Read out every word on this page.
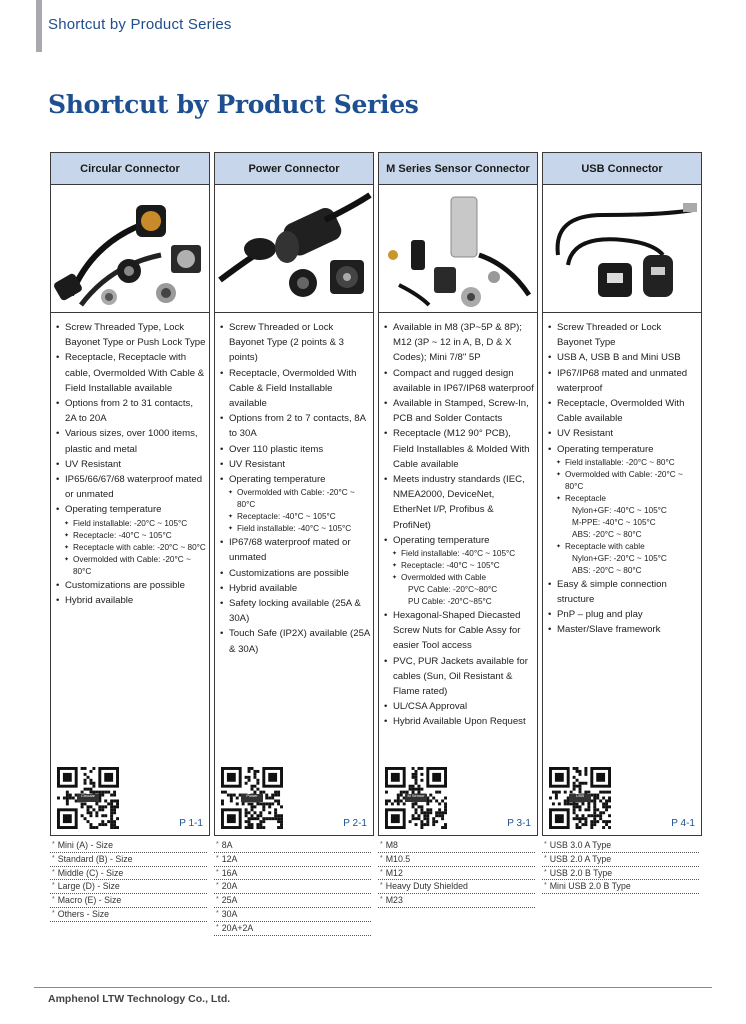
Shortcut by Product Series
Shortcut by Product Series
Circular Connector
• Screw Threaded Type, Lock Bayonet Type or Push Lock Type
• Receptacle, Receptacle with cable, Overmolded With Cable & Field Installable available
• Options from 2 to 31 contacts, 2A to 20A
• Various sizes, over 1000 items, plastic and metal
• UV Resistant
• IP65/66/67/68 waterproof mated or unmated
• Operating temperature
✦ Field installable: -20°C ~ 105°C
✦ Receptacle: -40°C ~ 105°C
✦ Receptacle with cable: -20°C ~ 80°C
✦ Overmolded with Cable: -20°C ~ 80°C
• Customizations are possible
• Hybrid available
Circular
P 1-1
* Mini (A) - Size
* Standard (B) - Size
* Middle (C) - Size
* Large (D) - Size
* Macro (E) - Size
* Others - Size
Power Connector
• Screw Threaded or Lock Bayonet Type (2 points & 3 points)
• Receptacle, Overmolded With Cable & Field Installable available
• Options from 2 to 7 contacts, 8A to 30A
• Over 110 plastic items
• UV Resistant
• Operating temperature
✦ Overmolded with Cable: -20°C ~ 80°C
✦ Receptacle: -40°C ~ 105°C
✦ Field installable: -40°C ~ 105°C
• IP67/68 waterproof mated or unmated
• Customizations are possible
• Hybrid available
• Safety locking available (25A & 30A)
• Touch Safe (IP2X) available (25A & 30A)
Power
P 2-1
* 8A
* 12A
* 16A
* 20A
* 25A
* 30A
* 20A+2A
M Series Sensor Connector
• Available in M8 (3P~5P & 8P); M12 (3P ~ 12 in A, B, D & X Codes); Mini 7/8" 5P
• Compact and rugged design available in IP67/IP68 waterproof
• Available in Stamped, Screw-In, PCB and Solder Contacts
• Receptacle (M12 90° PCB), Field Installables & Molded With Cable available
• Meets industry standards (IEC, NMEA2000, DeviceNet, EtherNet I/P, Profibus & ProfiNet)
• Operating temperature
✦ Field installable: -40°C ~ 105°C
✦ Receptacle: -40°C ~ 105°C
✦ Overmolded with Cable
PVC Cable: -20°C~80°C
PU Cable: -20°C~85°C
• Hexagonal-Shaped Diecasted Screw Nuts for Cable Assy for easier Tool access
• PVC, PUR Jackets available for cables (Sun, Oil Resistant & Flame rated)
• UL/CSA Approval
• Hybrid Available Upon Request
M Sensor
P 3-1
* M8
* M10.5
* M12
* Heavy Duty Shielded
* M23
USB Connector
• Screw Threaded or Lock Bayonet Type
• USB A, USB B and Mini USB
• IP67/IP68 mated and unmated waterproof
• Receptacle, Overmolded With Cable available
• UV Resistant
• Operating temperature
✦ Field installable: -20°C ~ 80°C
✦ Overmolded with Cable: -20°C ~ 80°C
✦ Receptacle
Nylon+GF: -40°C ~ 105°C
M-PPE: -40°C ~ 105°C
ABS: -20°C ~ 80°C
✦ Receptacle with cable
Nylon+GF: -20°C ~ 105°C
ABS: -20°C ~ 80°C
• Easy & simple connection structure
• PnP – plug and play
• Master/Slave framework
USB
P 4-1
* USB 3.0 A Type
* USB 2.0 A Type
* USB 2.0 B Type
* Mini USB 2.0 B Type
Amphenol LTW Technology Co., Ltd.
